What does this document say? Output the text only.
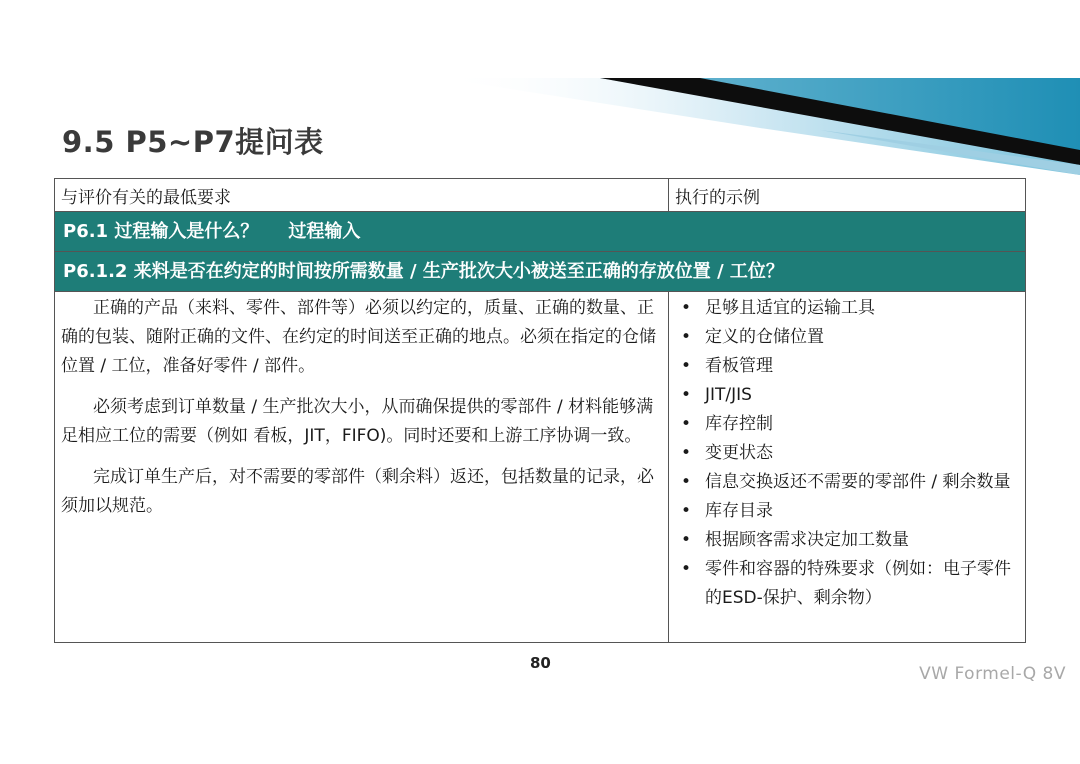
9.5 P5~P7提问表
与评价有关的最低要求	执行的示例
P6.1 过程输入是什么？ 过程输入
P6.1.2 来料是否在约定的时间按所需数量 / 生产批次大小被送至正确的存放位置 / 工位？

正确的产品（来料、零件、部件等）必须以约定的，质量、正确的数量、正确的包装、随附正确的文件、在约定的时间送至正确的地点。必须在指定的仓储位置 / 工位，准备好零件 / 部件。

必须考虑到订单数量 / 生产批次大小，从而确保提供的零部件 / 材料能够满足相应工位的需要（例如 看板，JIT，FIFO)。同时还要和上游工序协调一致。

完成订单生产后，对不需要的零部件（剩余料）返还，包括数量的记录，必须加以规范。

• 足够且适宜的运输工具
• 定义的仓储位置
• 看板管理
• JIT/JIS
• 库存控制
• 变更状态
• 信息交换返还不需要的零部件 / 剩余数量
• 库存目录
• 根据顾客需求决定加工数量
• 零件和容器的特殊要求（例如：电子零件的ESD-保护、剩余物）
80
VW Formel-Q 8V
